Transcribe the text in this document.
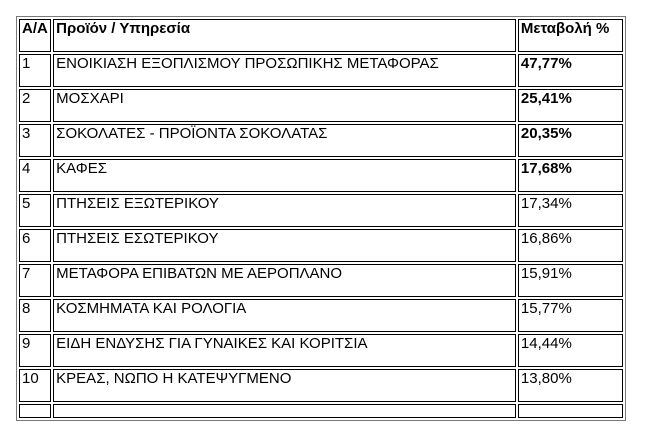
Α/Α	Προϊόν / Υπηρεσία	Μεταβολή %
1	ΕΝΟΙΚΙΑΣΗ ΕΞΟΠΛΙΣΜΟΥ ΠΡΟΣΩΠΙΚΗΣ ΜΕΤΑΦΟΡΑΣ	47,77%
2	ΜΟΣΧΑΡΙ	25,41%
3	ΣΟΚΟΛΑΤΕΣ - ΠΡΟΪΟΝΤΑ ΣΟΚΟΛΑΤΑΣ	20,35%
4	ΚΑΦΕΣ	17,68%
5	ΠΤΗΣΕΙΣ ΕΞΩΤΕΡΙΚΟΥ	17,34%
6	ΠΤΗΣΕΙΣ ΕΣΩΤΕΡΙΚΟΥ	16,86%
7	ΜΕΤΑΦΟΡΑ ΕΠΙΒΑΤΩΝ ΜΕ ΑΕΡΟΠΛΑΝΟ	15,91%
8	ΚΟΣΜΗΜΑΤΑ ΚΑΙ ΡΟΛΟΓΙΑ	15,77%
9	ΕΙΔΗ ΕΝΔΥΣΗΣ ΓΙΑ ΓΥΝΑΙΚΕΣ ΚΑΙ ΚΟΡΙΤΣΙΑ	14,44%
10	ΚΡΕΑΣ, ΝΩΠΟ Η ΚΑΤΕΨΥΓΜΕΝΟ	13,80%
